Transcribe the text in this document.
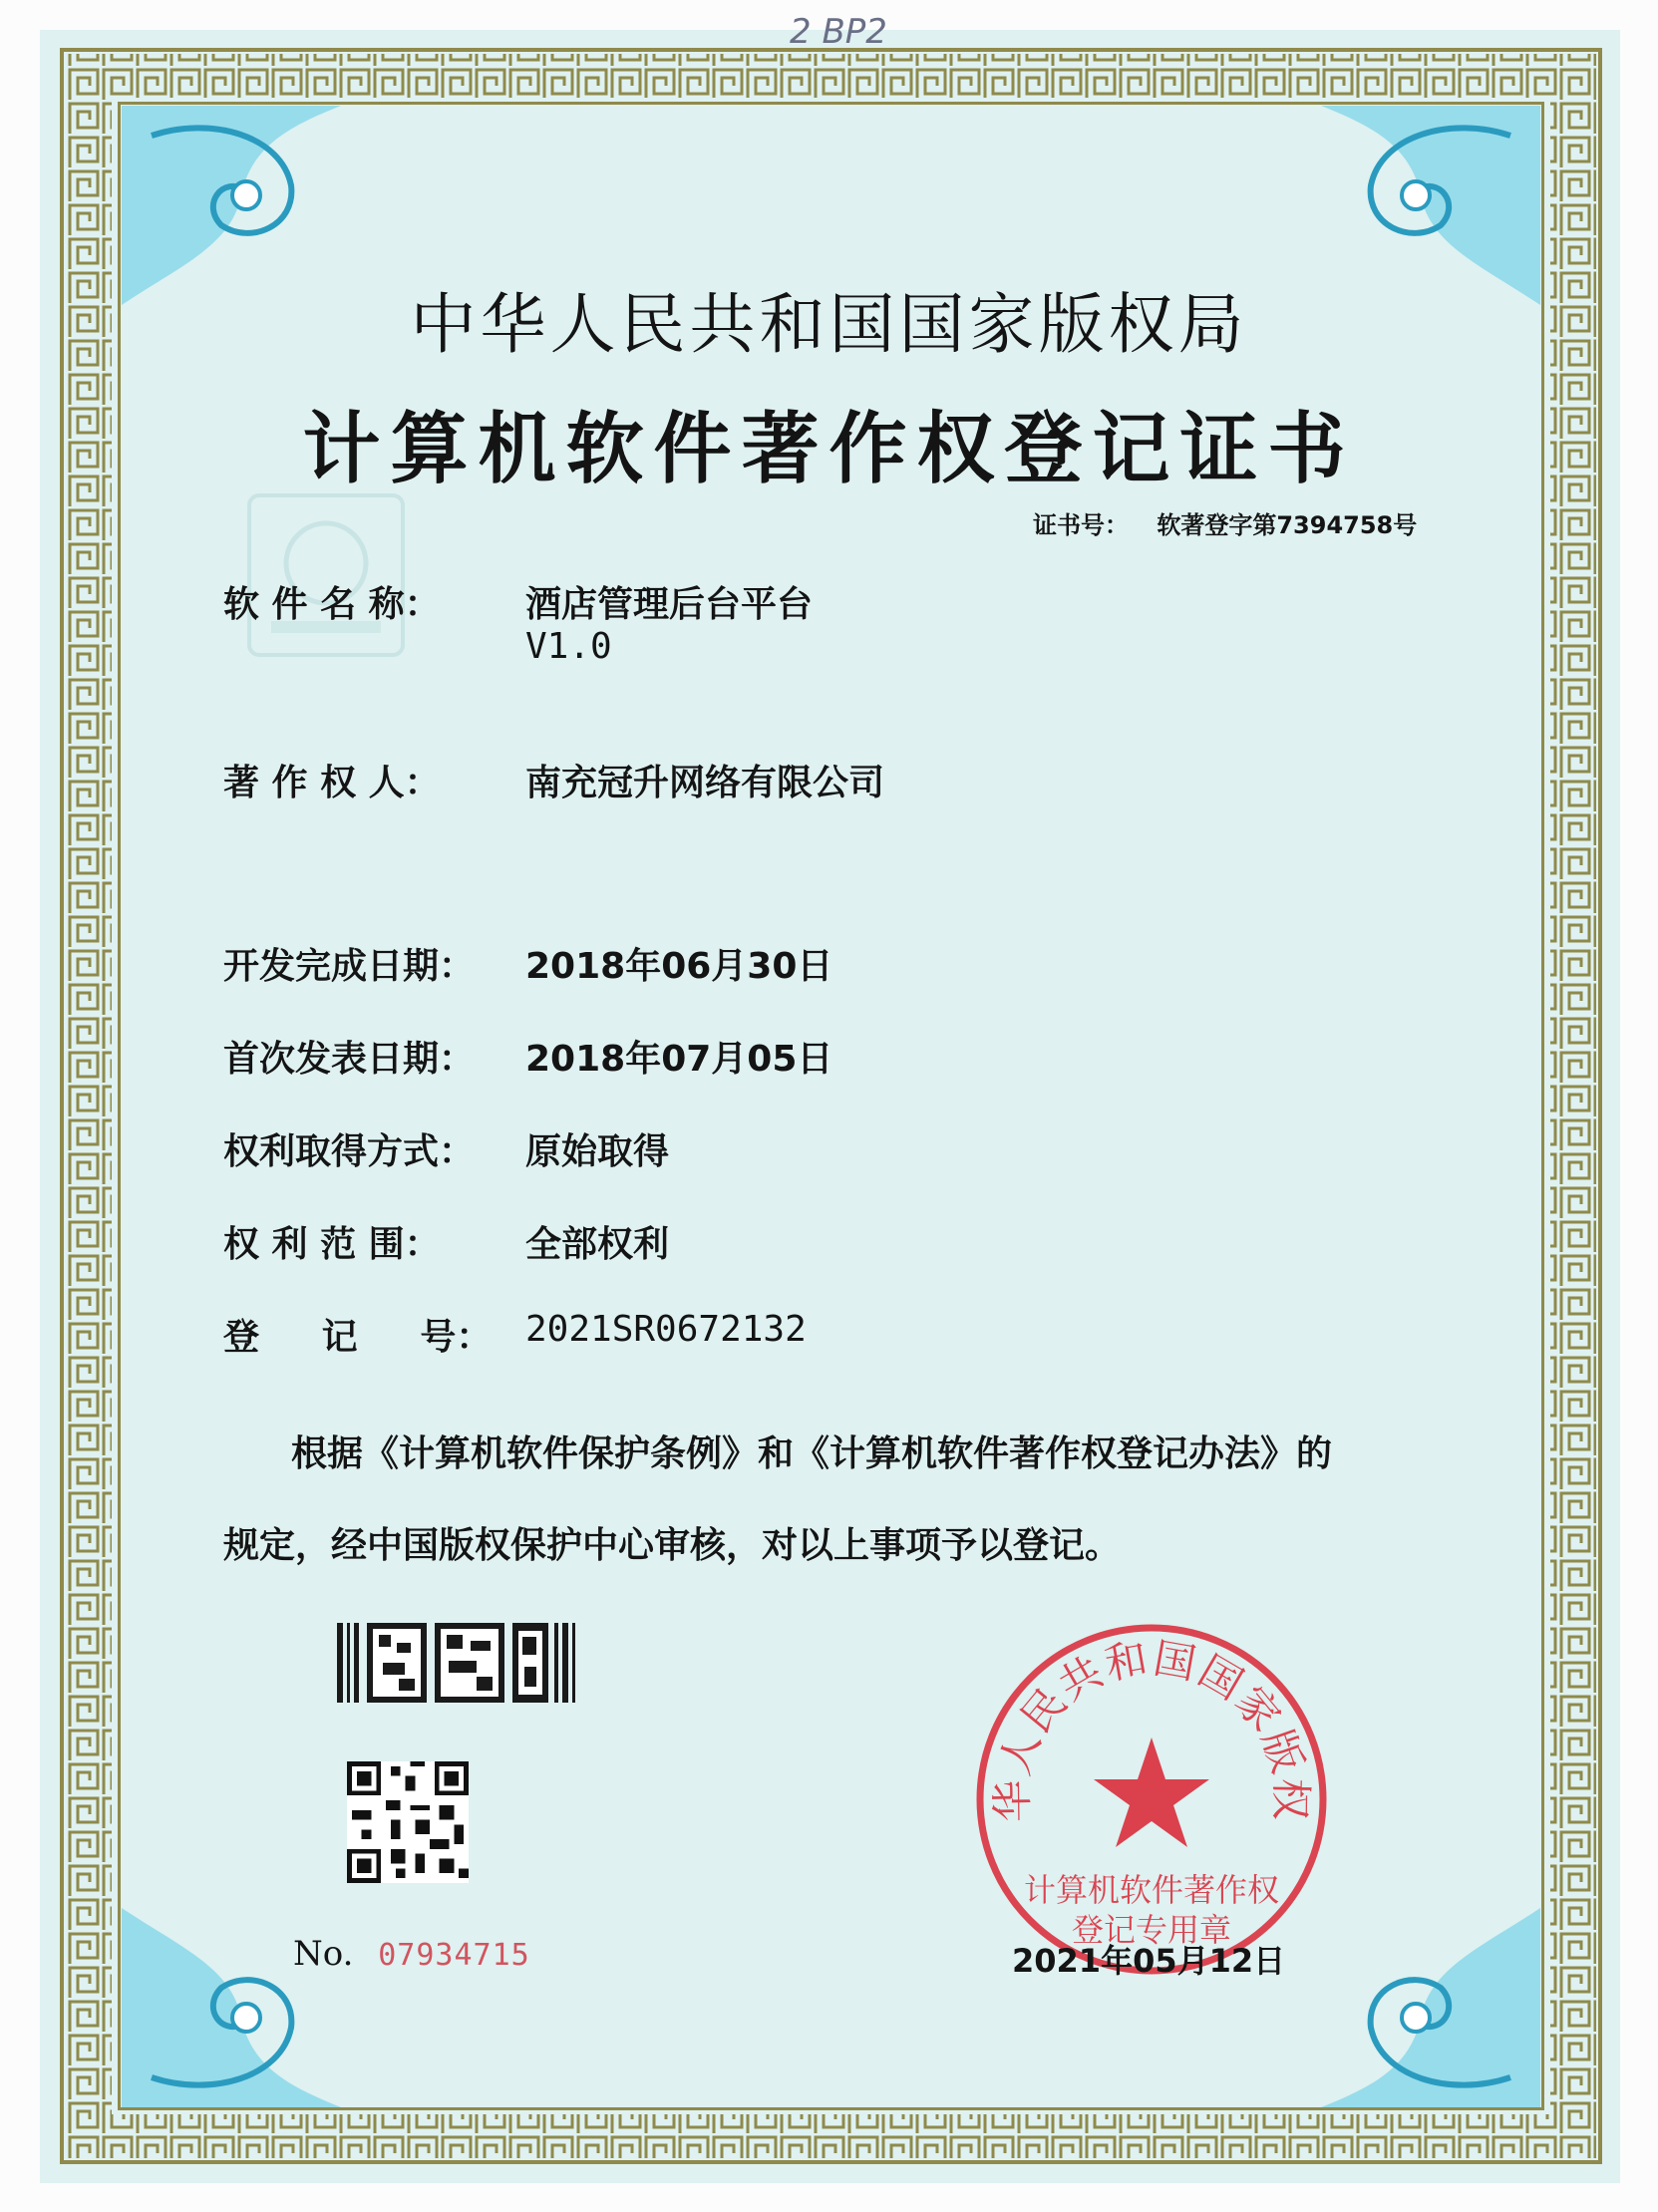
2 BP2
中华人民共和国国家版权局
计算机软件著作权登记证书
证书号： 软著登字第7394758号
软 件 名 称： 酒店管理后台平台
V1.0
著 作 权 人： 南充冠升网络有限公司
开发完成日期： 2018年06月30日
首次发表日期： 2018年07月05日
权利取得方式： 原始取得
权 利 范 围： 全部权利
登     记     号： 2021SR0672132
根据《计算机软件保护条例》和《计算机软件著作权登记办法》的
规定，经中国版权保护中心审核，对以上事项予以登记。
华人民共和国国家版权
计算机软件著作权
登记专用章
No. 07934715	2021年05月12日
